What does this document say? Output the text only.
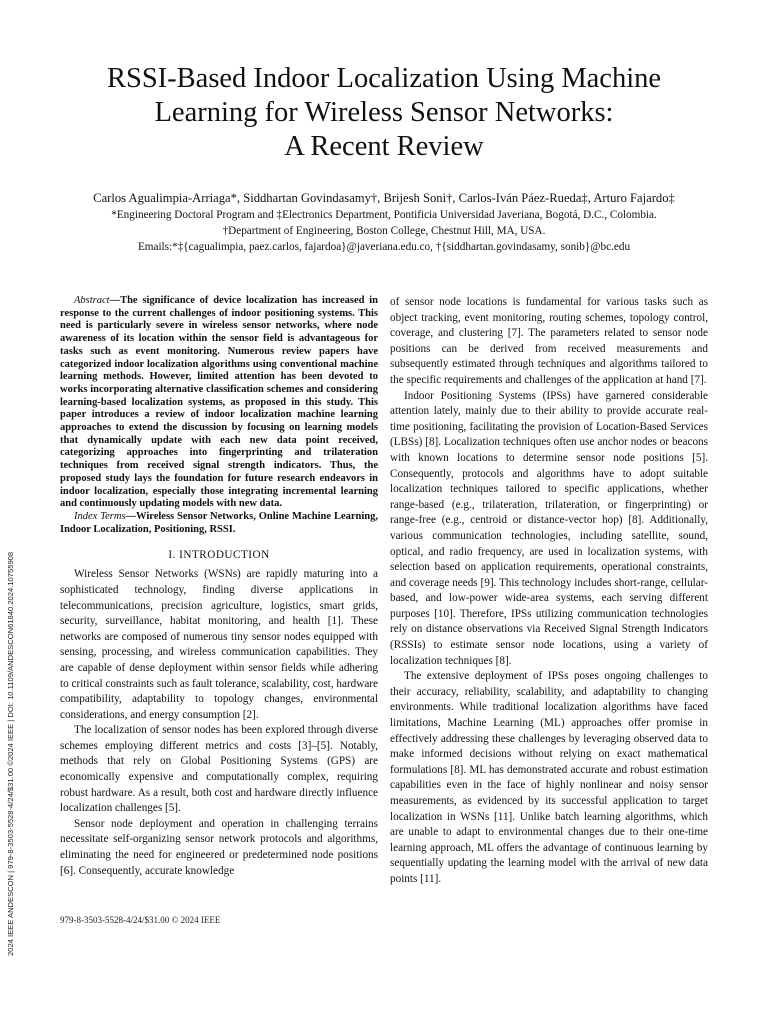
2024 IEEE ANDESCON | 979-8-3503-5528-4/24/$31.00 ©2024 IEEE | DOI: 10.1109/ANDESCON61840.2024.10755908
RSSI-Based Indoor Localization Using Machine
Learning for Wireless Sensor Networks:
A Recent Review
Carlos Agualimpia-Arriaga*, Siddhartan Govindasamy†, Brijesh Soni†, Carlos-Iván Páez-Rueda‡, Arturo Fajardo‡
*Engineering Doctoral Program and ‡Electronics Department, Pontificia Universidad Javeriana, Bogotá, D.C., Colombia.
†Department of Engineering, Boston College, Chestnut Hill, MA, USA.
Emails:*‡{cagualimpia, paez.carlos, fajardoa}@javeriana.edu.co, †{siddhartan.govindasamy, sonib}@bc.edu

Abstract—The significance of device localization has increased in response to the current challenges of indoor positioning systems. This need is particularly severe in wireless sensor networks, where node awareness of its location within the sensor field is advantageous for tasks such as event monitoring. Numerous review papers have categorized indoor localization algorithms using conventional machine learning methods. However, limited attention has been devoted to works incorporating alternative classification schemes and considering learning-based localization systems, as proposed in this study. This paper introduces a review of indoor localization machine learning approaches to extend the discussion by focusing on learning models that dynamically update with each new data point received, categorizing approaches into fingerprinting and trilateration techniques from received signal strength indicators. Thus, the proposed study lays the foundation for future research endeavors in indoor localization, especially those integrating incremental learning and continuously updating models with new data.

Index Terms—Wireless Sensor Networks, Online Machine Learning, Indoor Localization, Positioning, RSSI.

I. INTRODUCTION

Wireless Sensor Networks (WSNs) are rapidly maturing into a sophisticated technology, finding diverse applications in telecommunications, precision agriculture, logistics, smart grids, security, surveillance, habitat monitoring, and health [1]. These networks are composed of numerous tiny sensor nodes equipped with sensing, processing, and wireless communication capabilities. They are capable of dense deployment within sensor fields while adhering to critical constraints such as fault tolerance, scalability, cost, hardware compatibility, adaptability to topology changes, environmental considerations, and energy consumption [2].

The localization of sensor nodes has been explored through diverse schemes employing different metrics and costs [3]–[5]. Notably, methods that rely on Global Positioning Systems (GPS) are economically expensive and computationally complex, requiring robust hardware. As a result, both cost and hardware directly influence localization challenges [5].

Sensor node deployment and operation in challenging terrains necessitate self-organizing sensor network protocols and algorithms, eliminating the need for engineered or predetermined node positions [6]. Consequently, accurate knowledge

of sensor node locations is fundamental for various tasks such as object tracking, event monitoring, routing schemes, topology control, coverage, and clustering [7]. The parameters related to sensor node positions can be derived from received measurements and subsequently estimated through techniques and algorithms tailored to the specific requirements and challenges of the application at hand [7].

Indoor Positioning Systems (IPSs) have garnered considerable attention lately, mainly due to their ability to provide accurate real-time positioning, facilitating the provision of Location-Based Services (LBSs) [8]. Localization techniques often use anchor nodes or beacons with known locations to determine sensor node positions [5]. Consequently, protocols and algorithms have to adopt suitable localization techniques tailored to specific applications, whether range-based (e.g., trilateration, trilateration, or fingerprinting) or range-free (e.g., centroid or distance-vector hop) [8]. Additionally, various communication technologies, including satellite, sound, optical, and radio frequency, are used in localization systems, with selection based on application requirements, operational constraints, and coverage needs [9]. This technology includes short-range, cellular-based, and low-power wide-area systems, each serving different purposes [10]. Therefore, IPSs utilizing communication technologies rely on distance observations via Received Signal Strength Indicators (RSSIs) to estimate sensor node locations, using a variety of localization techniques [8].

The extensive deployment of IPSs poses ongoing challenges to their accuracy, reliability, scalability, and adaptability to changing environments. While traditional localization algorithms have faced limitations, Machine Learning (ML) approaches offer promise in effectively addressing these challenges by leveraging observed data to make informed decisions without relying on exact mathematical formulations [8]. ML has demonstrated accurate and robust estimation capabilities even in the face of highly nonlinear and noisy sensor measurements, as evidenced by its successful application to target localization in WSNs [11]. Unlike batch learning algorithms, which are unable to adapt to environmental changes due to their one-time learning approach, ML offers the advantage of continuous learning by sequentially updating the learning model with the arrival of new data points [11].

979-8-3503-5528-4/24/$31.00 © 2024 IEEE
